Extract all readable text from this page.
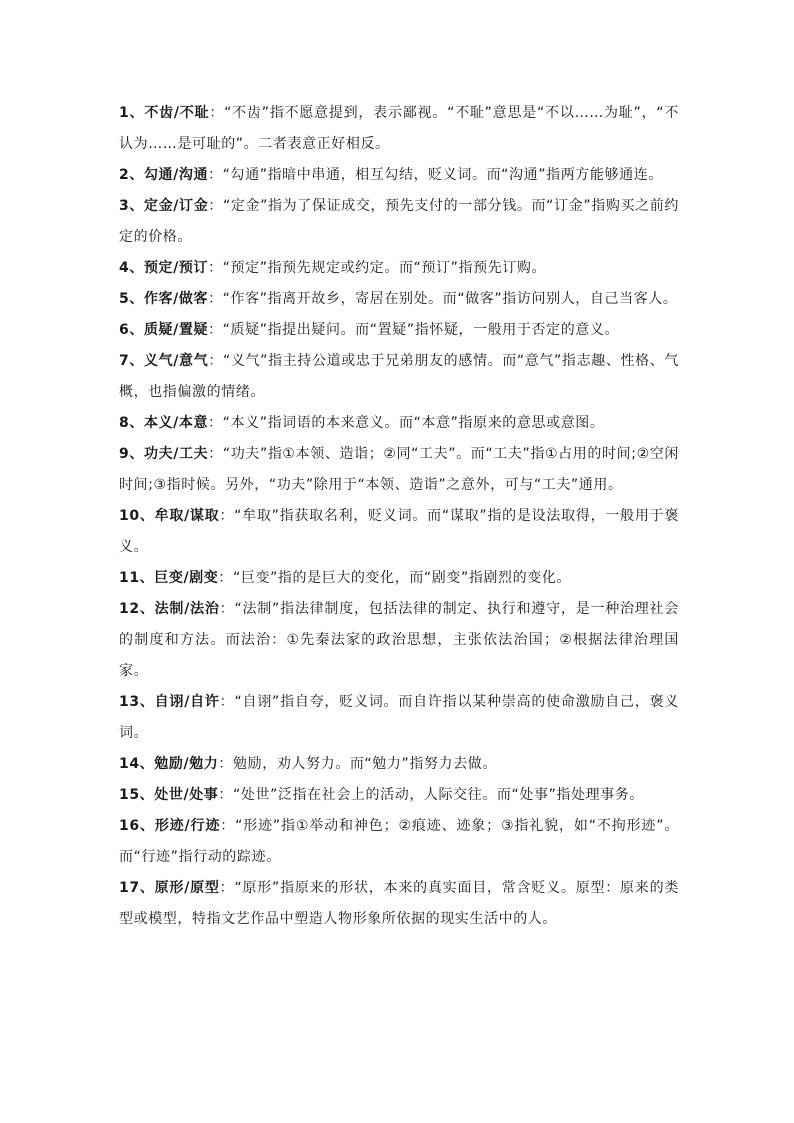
1、不齿/不耻：“不齿”指不愿意提到，表示鄙视。“不耻”意思是“不以……为耻”，“不认为……是可耻的”。二者表意正好相反。

2、勾通/沟通：“勾通”指暗中串通，相互勾结，贬义词。而“沟通”指两方能够通连。

3、定金/订金：“定金”指为了保证成交，预先支付的一部分钱。而“订金”指购买之前约定的价格。

4、预定/预订：“预定”指预先规定或约定。而“预订”指预先订购。

5、作客/做客：“作客”指离开故乡，寄居在别处。而“做客”指访问别人，自己当客人。

6、质疑/置疑：“质疑”指提出疑问。而“置疑”指怀疑，一般用于否定的意义。

7、义气/意气：“义气”指主持公道或忠于兄弟朋友的感情。而“意气”指志趣、性格、气概，也指偏激的情绪。

8、本义/本意：“本义”指词语的本来意义。而“本意”指原来的意思或意图。

9、功夫/工夫：“功夫”指①本领、造诣；②同“工夫”。而“工夫”指①占用的时间;②空闲时间;③指时候。另外，“功夫”除用于“本领、造诣”之意外，可与“工夫”通用。

10、牟取/谋取：“牟取”指获取名利，贬义词。而“谋取”指的是设法取得，一般用于褒义。

11、巨变/剧变：“巨变”指的是巨大的变化，而“剧变”指剧烈的变化。

12、法制/法治：“法制”指法律制度，包括法律的制定、执行和遵守，是一种治理社会的制度和方法。而法治：①先秦法家的政治思想，主张依法治国；②根据法律治理国家。

13、自诩/自许：“自诩”指自夸，贬义词。而自许指以某种崇高的使命激励自己，褒义词。

14、勉励/勉力：勉励，劝人努力。而“勉力”指努力去做。

15、处世/处事：“处世”泛指在社会上的活动，人际交往。而“处事”指处理事务。

16、形迹/行迹：“形迹”指①举动和神色；②痕迹、迹象；③指礼貌，如“不拘形迹”。而“行迹”指行动的踪迹。

17、原形/原型：“原形”指原来的形状，本来的真实面目，常含贬义。原型：原来的类型或模型，特指文艺作品中塑造人物形象所依据的现实生活中的人。
